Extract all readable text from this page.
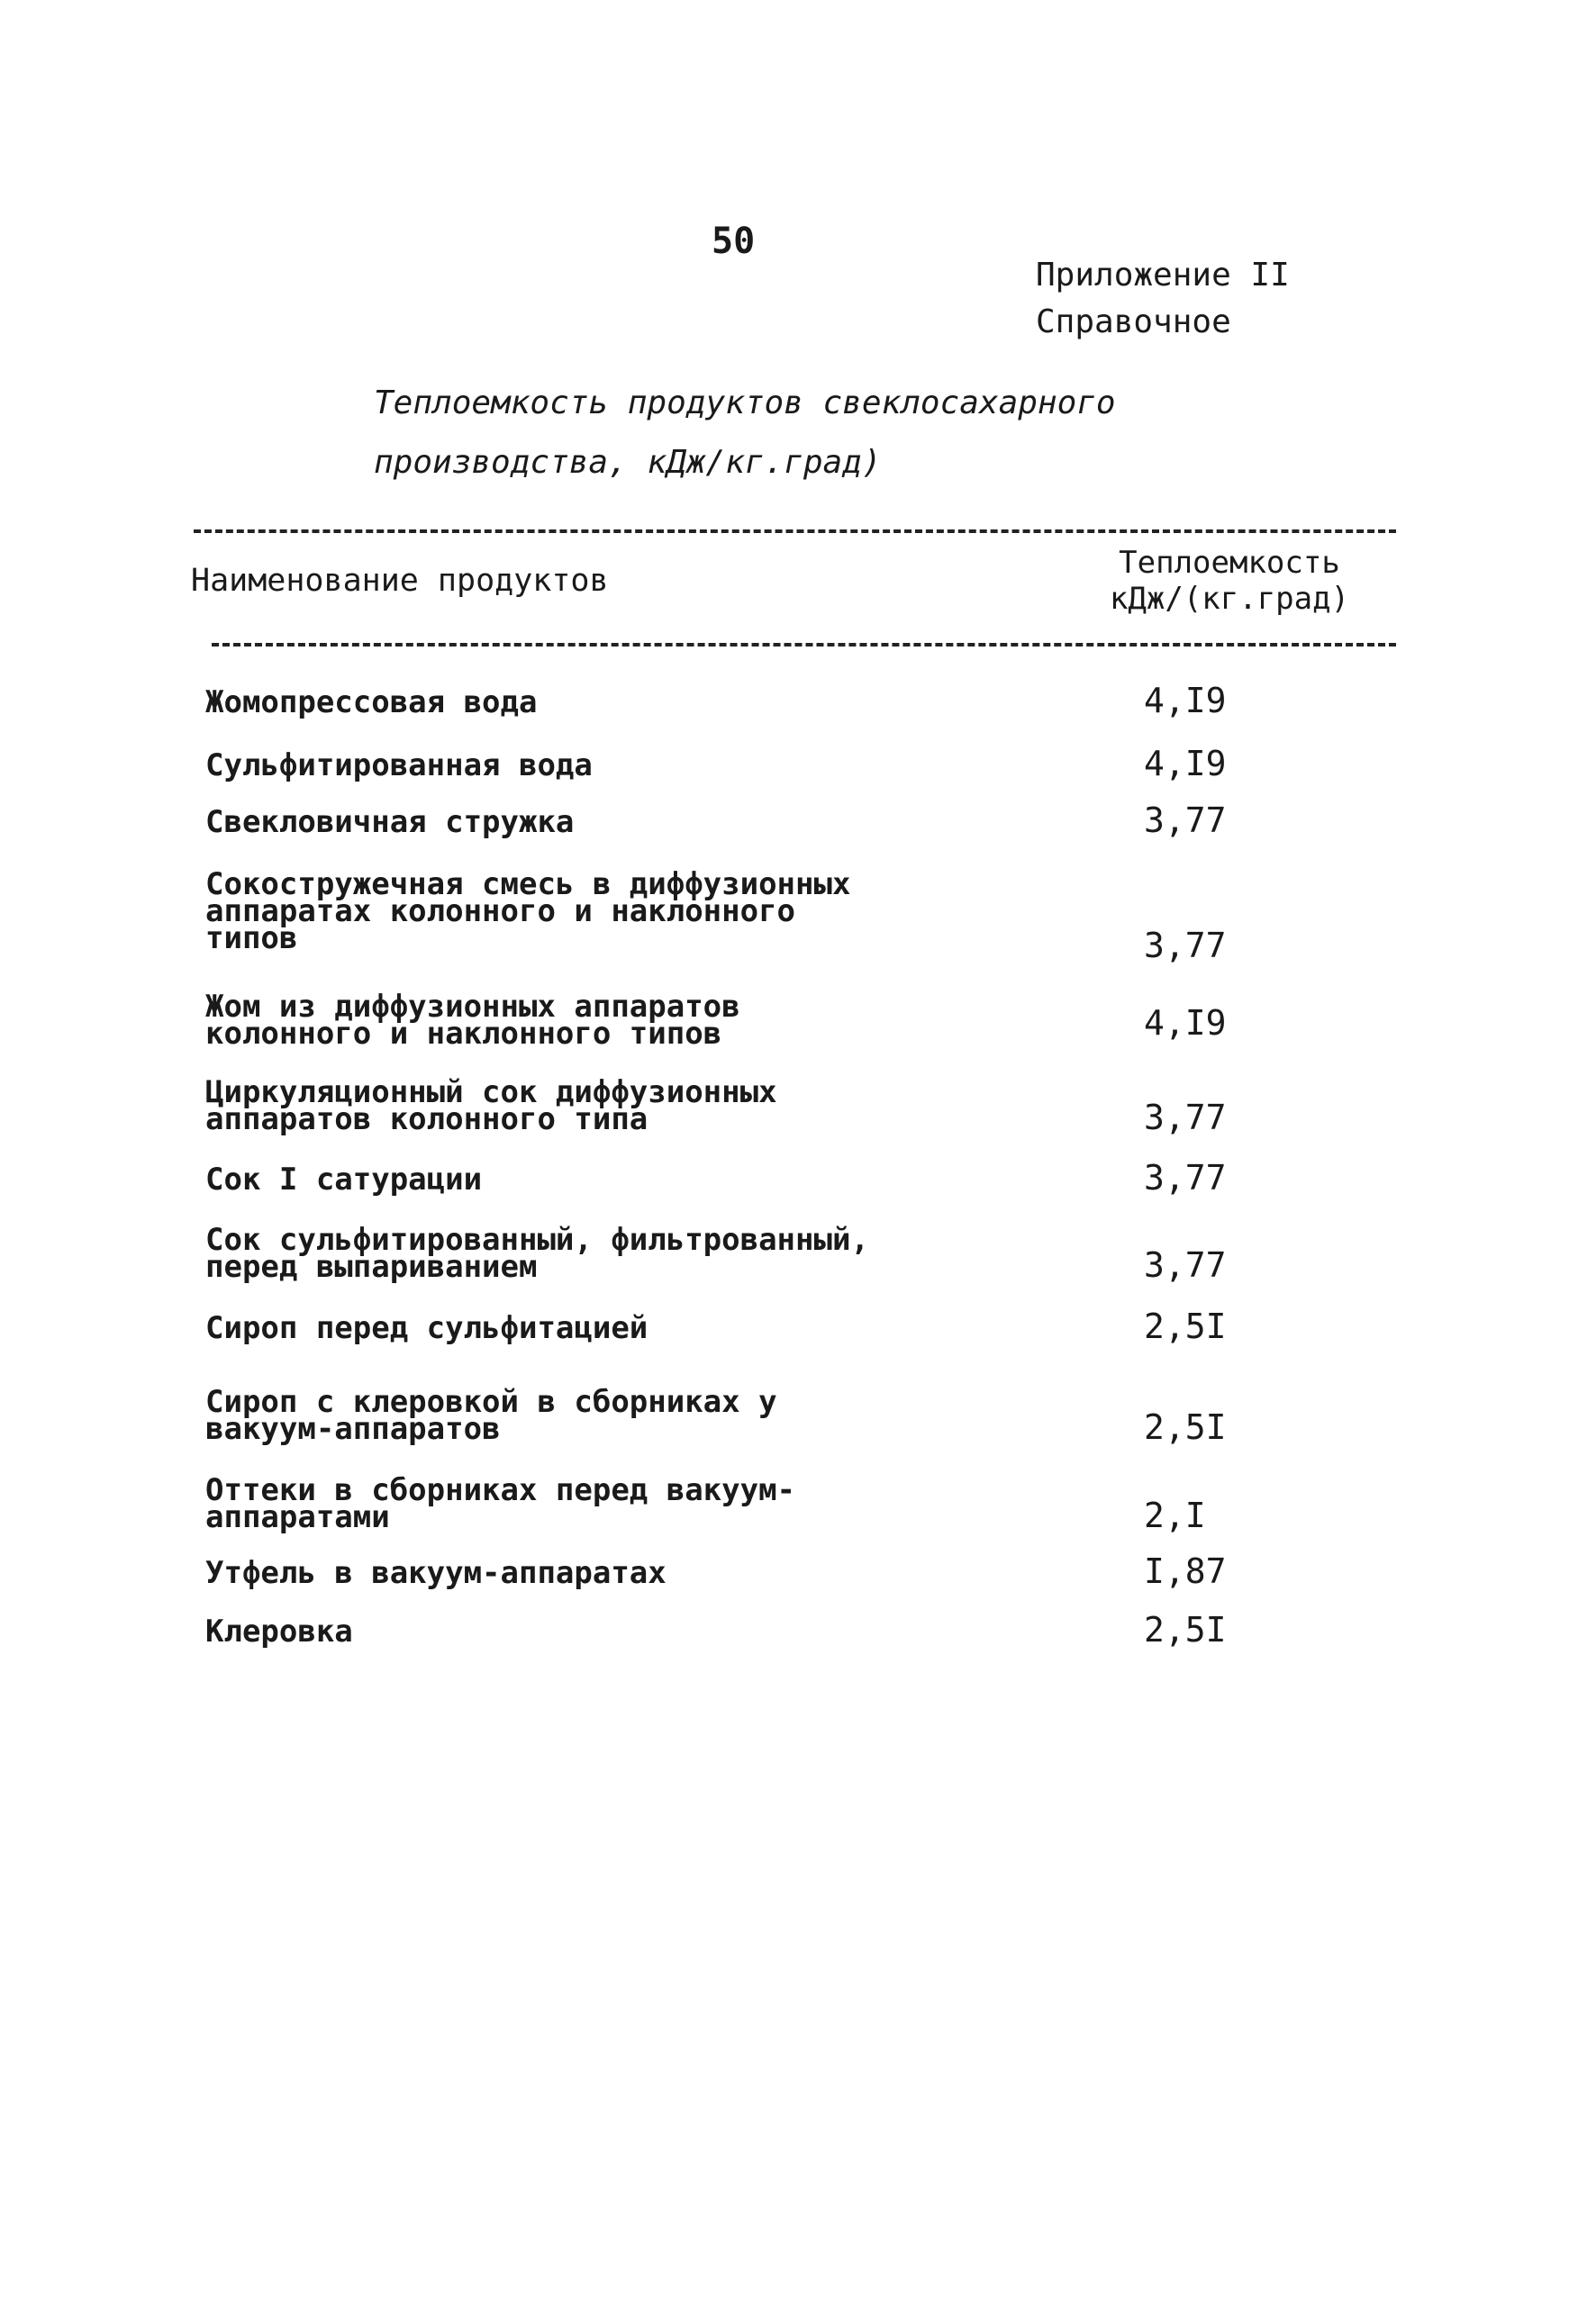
50
Приложение II
Справочное
Теплоемкость продуктов свеклосахарного
производства, кДж/кг.град)
Наименование продуктов	Теплоемкость
кДж/(кг.град)
Жомопрессовая вода	4,I9
Сульфитированная вода	4,I9
Свекловичная стружка	3,77
Сокостружечная смесь в диффузионных
аппаратах колонного и наклонного
типов	3,77
Жом из диффузионных аппаратов
колонного и наклонного типов	4,I9
Циркуляционный сок диффузионных
аппаратов колонного типа	3,77
Сок I сатурации	3,77
Сок сульфитированный, фильтрованный,
перед выпариванием	3,77
Сироп перед сульфитацией	2,5I
Сироп с клеровкой в сборниках у
вакуум-аппаратов	2,5I
Оттеки в сборниках перед вакуум-
аппаратами	2,I
Утфель в вакуум-аппаратах	I,87
Клеровка	2,5I
